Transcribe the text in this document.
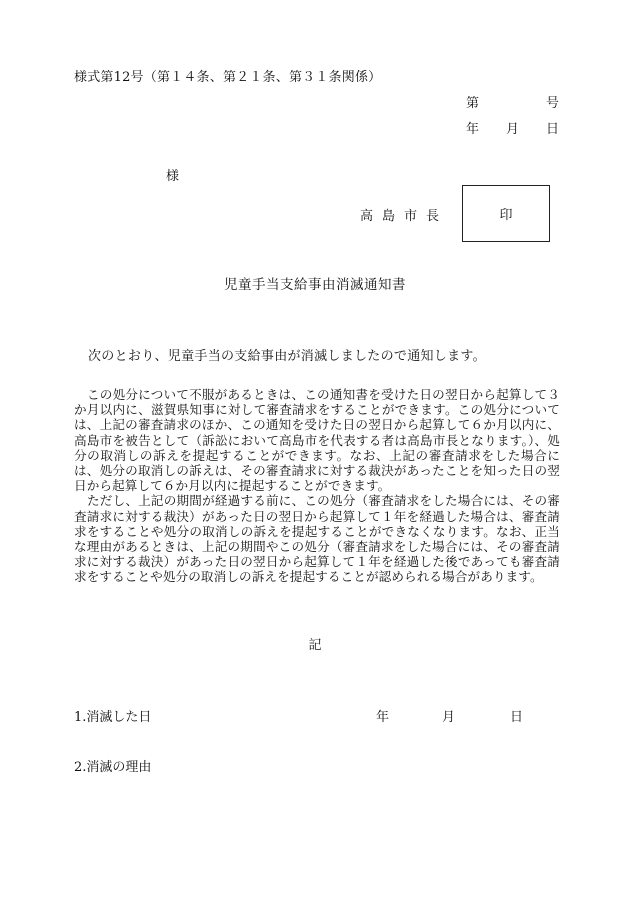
様式第12号（第１４条、第２１条、第３１条関係）
第	号
年 月 日
様
高島市長	印
児童手当支給事由消滅通知書
次のとおり、児童手当の支給事由が消滅しましたので通知します。

この処分について不服があるときは、この通知書を受けた日の翌日から起算して３か月以内に、滋賀県知事に対して審査請求をすることができます。この処分については、上記の審査請求のほか、この通知を受けた日の翌日から起算して６か月以内に、高島市を被告として（訴訟において高島市を代表する者は高島市長となります。）、処分の取消しの訴えを提起することができます。なお、上記の審査請求をした場合には、処分の取消しの訴えは、その審査請求に対する裁決があったことを知った日の翌日から起算して６か月以内に提起することができます。

ただし、上記の期間が経過する前に、この処分（審査請求をした場合には、その審査請求に対する裁決）があった日の翌日から起算して１年を経過した場合は、審査請求をすることや処分の取消しの訴えを提起することができなくなります。なお、正当な理由があるときは、上記の期間やこの処分（審査請求をした場合には、その審査請求に対する裁決）があった日の翌日から起算して１年を経過した後であっても審査請求をすることや処分の取消しの訴えを提起することが認められる場合があります。

記
1.消滅した日	年	月	日
2.消滅の理由
